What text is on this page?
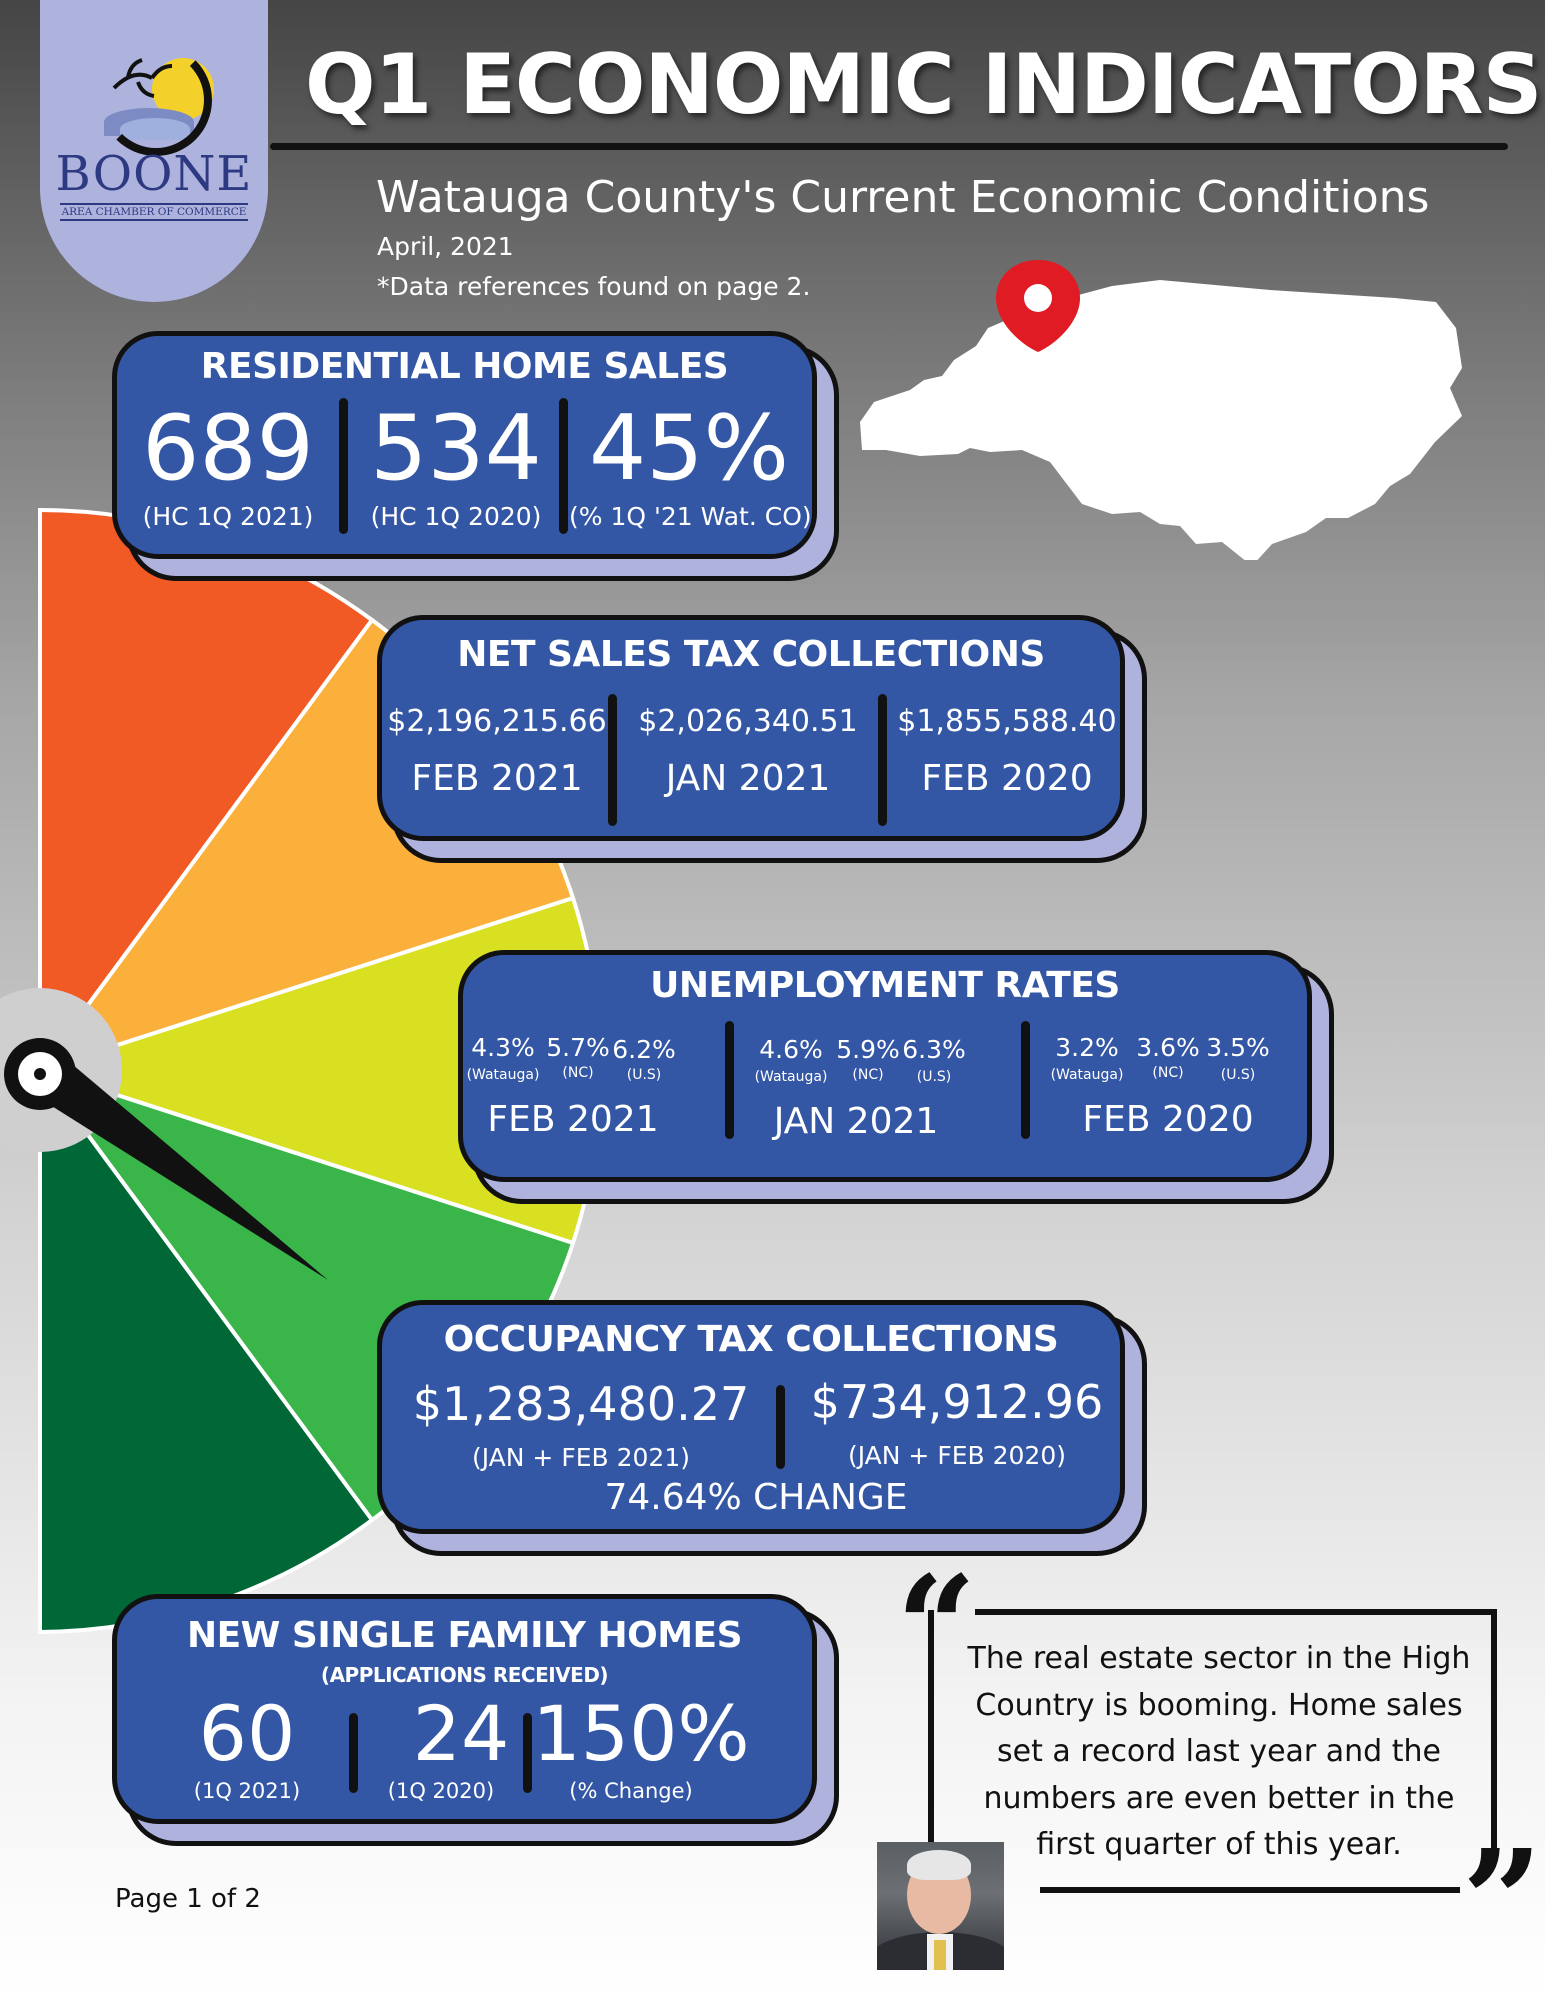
BOONE
AREA CHAMBER OF COMMERCE
Q1 ECONOMIC INDICATORS
Watauga County's Current Economic Conditions
April, 2021
*Data references found on page 2.
RESIDENTIAL HOME SALES
689
(HC 1Q 2021)
534
(HC 1Q 2020)
45%
(% 1Q '21 Wat. CO)
NET SALES TAX COLLECTIONS
$2,196,215.66
FEB 2021
$2,026,340.51
JAN 2021
$1,855,588.40
FEB 2020
UNEMPLOYMENT RATES
4.3%
(Watauga)
5.7%
(NC)
6.2%
(U.S)
FEB 2021
4.6%
(Watauga)
5.9%
(NC)
6.3%
(U.S)
JAN 2021
3.2%
(Watauga)
3.6%
(NC)
3.5%
(U.S)
FEB 2020
OCCUPANCY TAX COLLECTIONS
$1,283,480.27
(JAN + FEB 2021)
$734,912.96
(JAN + FEB 2020)
74.64% CHANGE
NEW SINGLE FAMILY HOMES
(APPLICATIONS RECEIVED)
60
(1Q 2021)
24
(1Q 2020)
150%
(% Change)
“
”
The real estate sector in the High Country is booming. Home sales set a record last year and the numbers are even better in the first quarter of this year.
Page 1 of 2
